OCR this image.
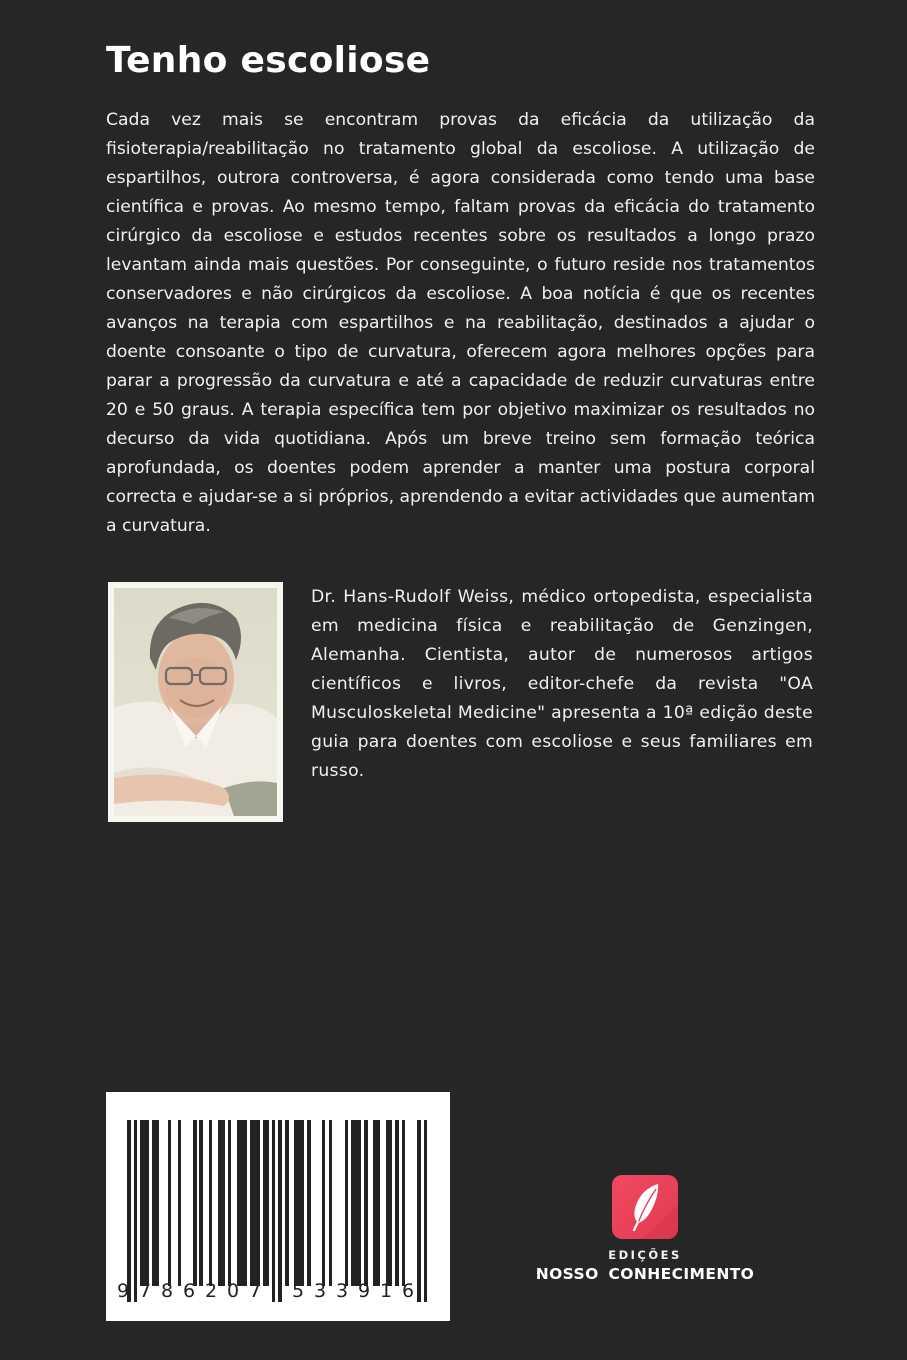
Tenho escoliose

Cada vez mais se encontram provas da eficácia da utilização da fisioterapia/reabilitação no tratamento global da escoliose. A utilização de espartilhos, outrora controversa, é agora considerada como tendo uma base científica e provas. Ao mesmo tempo, faltam provas da eficácia do tratamento cirúrgico da escoliose e estudos recentes sobre os resultados a longo prazo levantam ainda mais questões. Por conseguinte, o futuro reside nos tratamentos conservadores e não cirúrgicos da escoliose. A boa notícia é que os recentes avanços na terapia com espartilhos e na reabilitação, destinados a ajudar o doente consoante o tipo de curvatura, oferecem agora melhores opções para parar a progressão da curvatura e até a capacidade de reduzir curvaturas entre 20 e 50 graus. A terapia específica tem por objetivo maximizar os resultados no decurso da vida quotidiana. Após um breve treino sem formação teórica aprofundada, os doentes podem aprender a manter uma postura corporal correcta e ajudar-se a si próprios, aprendendo a evitar actividades que aumentam a curvatura.

Dr. Hans-Rudolf Weiss, médico ortopedista, especialista em medicina física e reabilitação de Genzingen, Alemanha. Cientista, autor de numerosos artigos científicos e livros, editor-chefe da revista "OA Musculoskeletal Medicine" apresenta a 10ª edição deste guia para doentes com escoliose e seus familiares em russo.

9 7 8 6 2 0 7 5 3 3 9 1 6
EDIÇÕES
NOSSO CONHECIMENTO
